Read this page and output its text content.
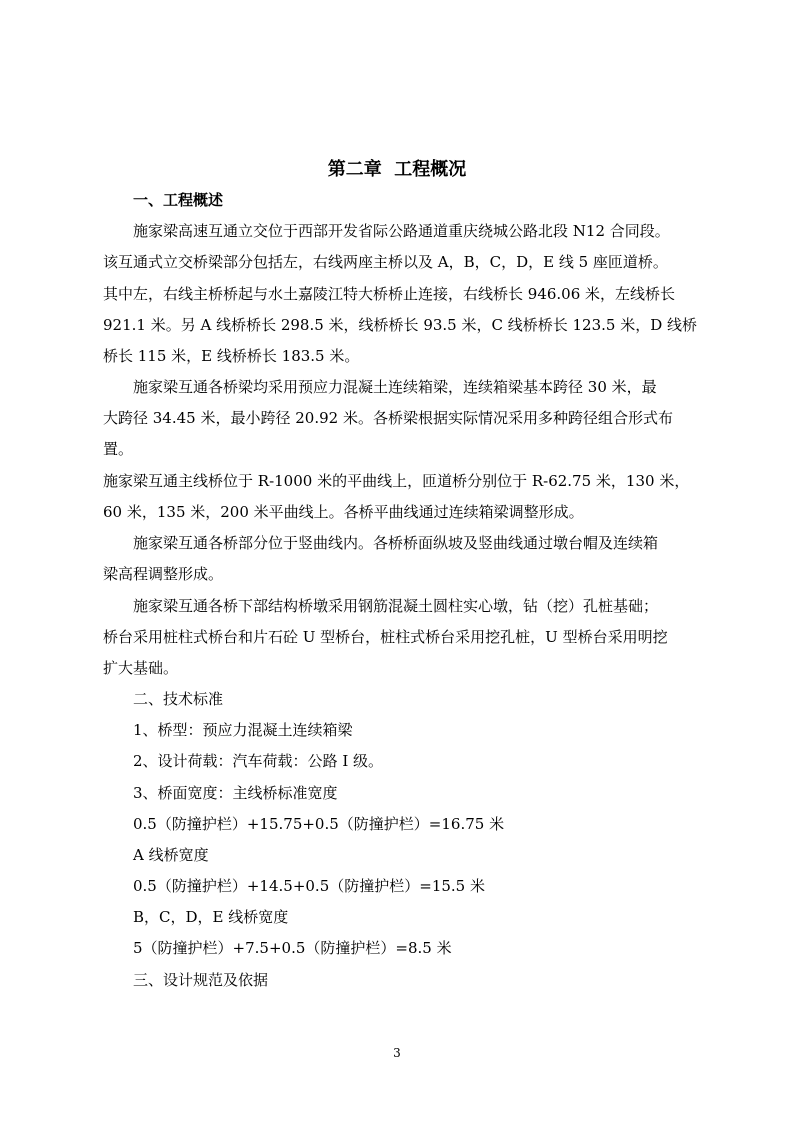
第二章  工程概况
一、工程概述
施家梁高速互通立交位于西部开发省际公路通道重庆绕城公路北段 N12 合同段。
该互通式立交桥梁部分包括左，右线两座主桥以及 A，B，C，D，E 线 5 座匝道桥。
其中左，右线主桥桥起与水土嘉陵江特大桥桥止连接，右线桥长 946.06 米，左线桥长
921.1 米。另 A 线桥桥长 298.5 米，线桥桥长 93.5 米，C 线桥桥长 123.5 米，D 线桥
桥长 115 米，E 线桥桥长 183.5 米。
施家梁互通各桥梁均采用预应力混凝土连续箱梁，连续箱梁基本跨径 30 米，最
大跨径 34.45 米，最小跨径 20.92 米。各桥梁根据实际情况采用多种跨径组合形式布
置。
施家梁互通主线桥位于 R-1000 米的平曲线上，匝道桥分别位于 R-62.75 米，130 米，
60 米，135 米，200 米平曲线上。各桥平曲线通过连续箱梁调整形成。
施家梁互通各桥部分位于竖曲线内。各桥桥面纵坡及竖曲线通过墩台帽及连续箱
梁高程调整形成。
施家梁互通各桥下部结构桥墩采用钢筋混凝土圆柱实心墩，钻（挖）孔桩基础；
桥台采用桩柱式桥台和片石砼 U 型桥台，桩柱式桥台采用挖孔桩，U 型桥台采用明挖
扩大基础。
二、技术标准
1、桥型：预应力混凝土连续箱梁
2、设计荷载：汽车荷载：公路 I 级。
3、桥面宽度：主线桥标准宽度
0.5（防撞护栏）+15.75+0.5（防撞护栏）=16.75 米
A 线桥宽度
0.5（防撞护栏）+14.5+0.5（防撞护栏）=15.5 米
B，C，D，E 线桥宽度
5（防撞护栏）+7.5+0.5（防撞护栏）=8.5 米
三、设计规范及依据
3
